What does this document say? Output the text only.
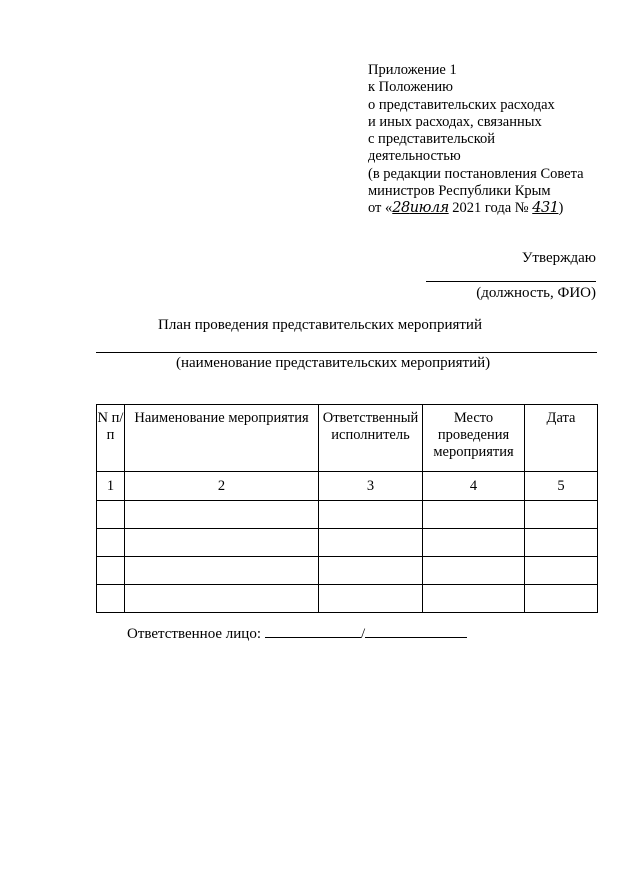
Приложение 1
к Положению
о представительских расходах
и иных расходах, связанных
с представительской
деятельностью
(в редакции постановления Совета
министров Республики Крым
от «28июля 2021 года № 431)
Утверждаю
(должность, ФИО)
План проведения представительских мероприятий
(наименование представительских мероприятий)
N п/п	Наименование мероприятия	Ответственный исполнитель	Место проведения мероприятия	Дата
1	2	3	4	5

Ответственное лицо:	/
